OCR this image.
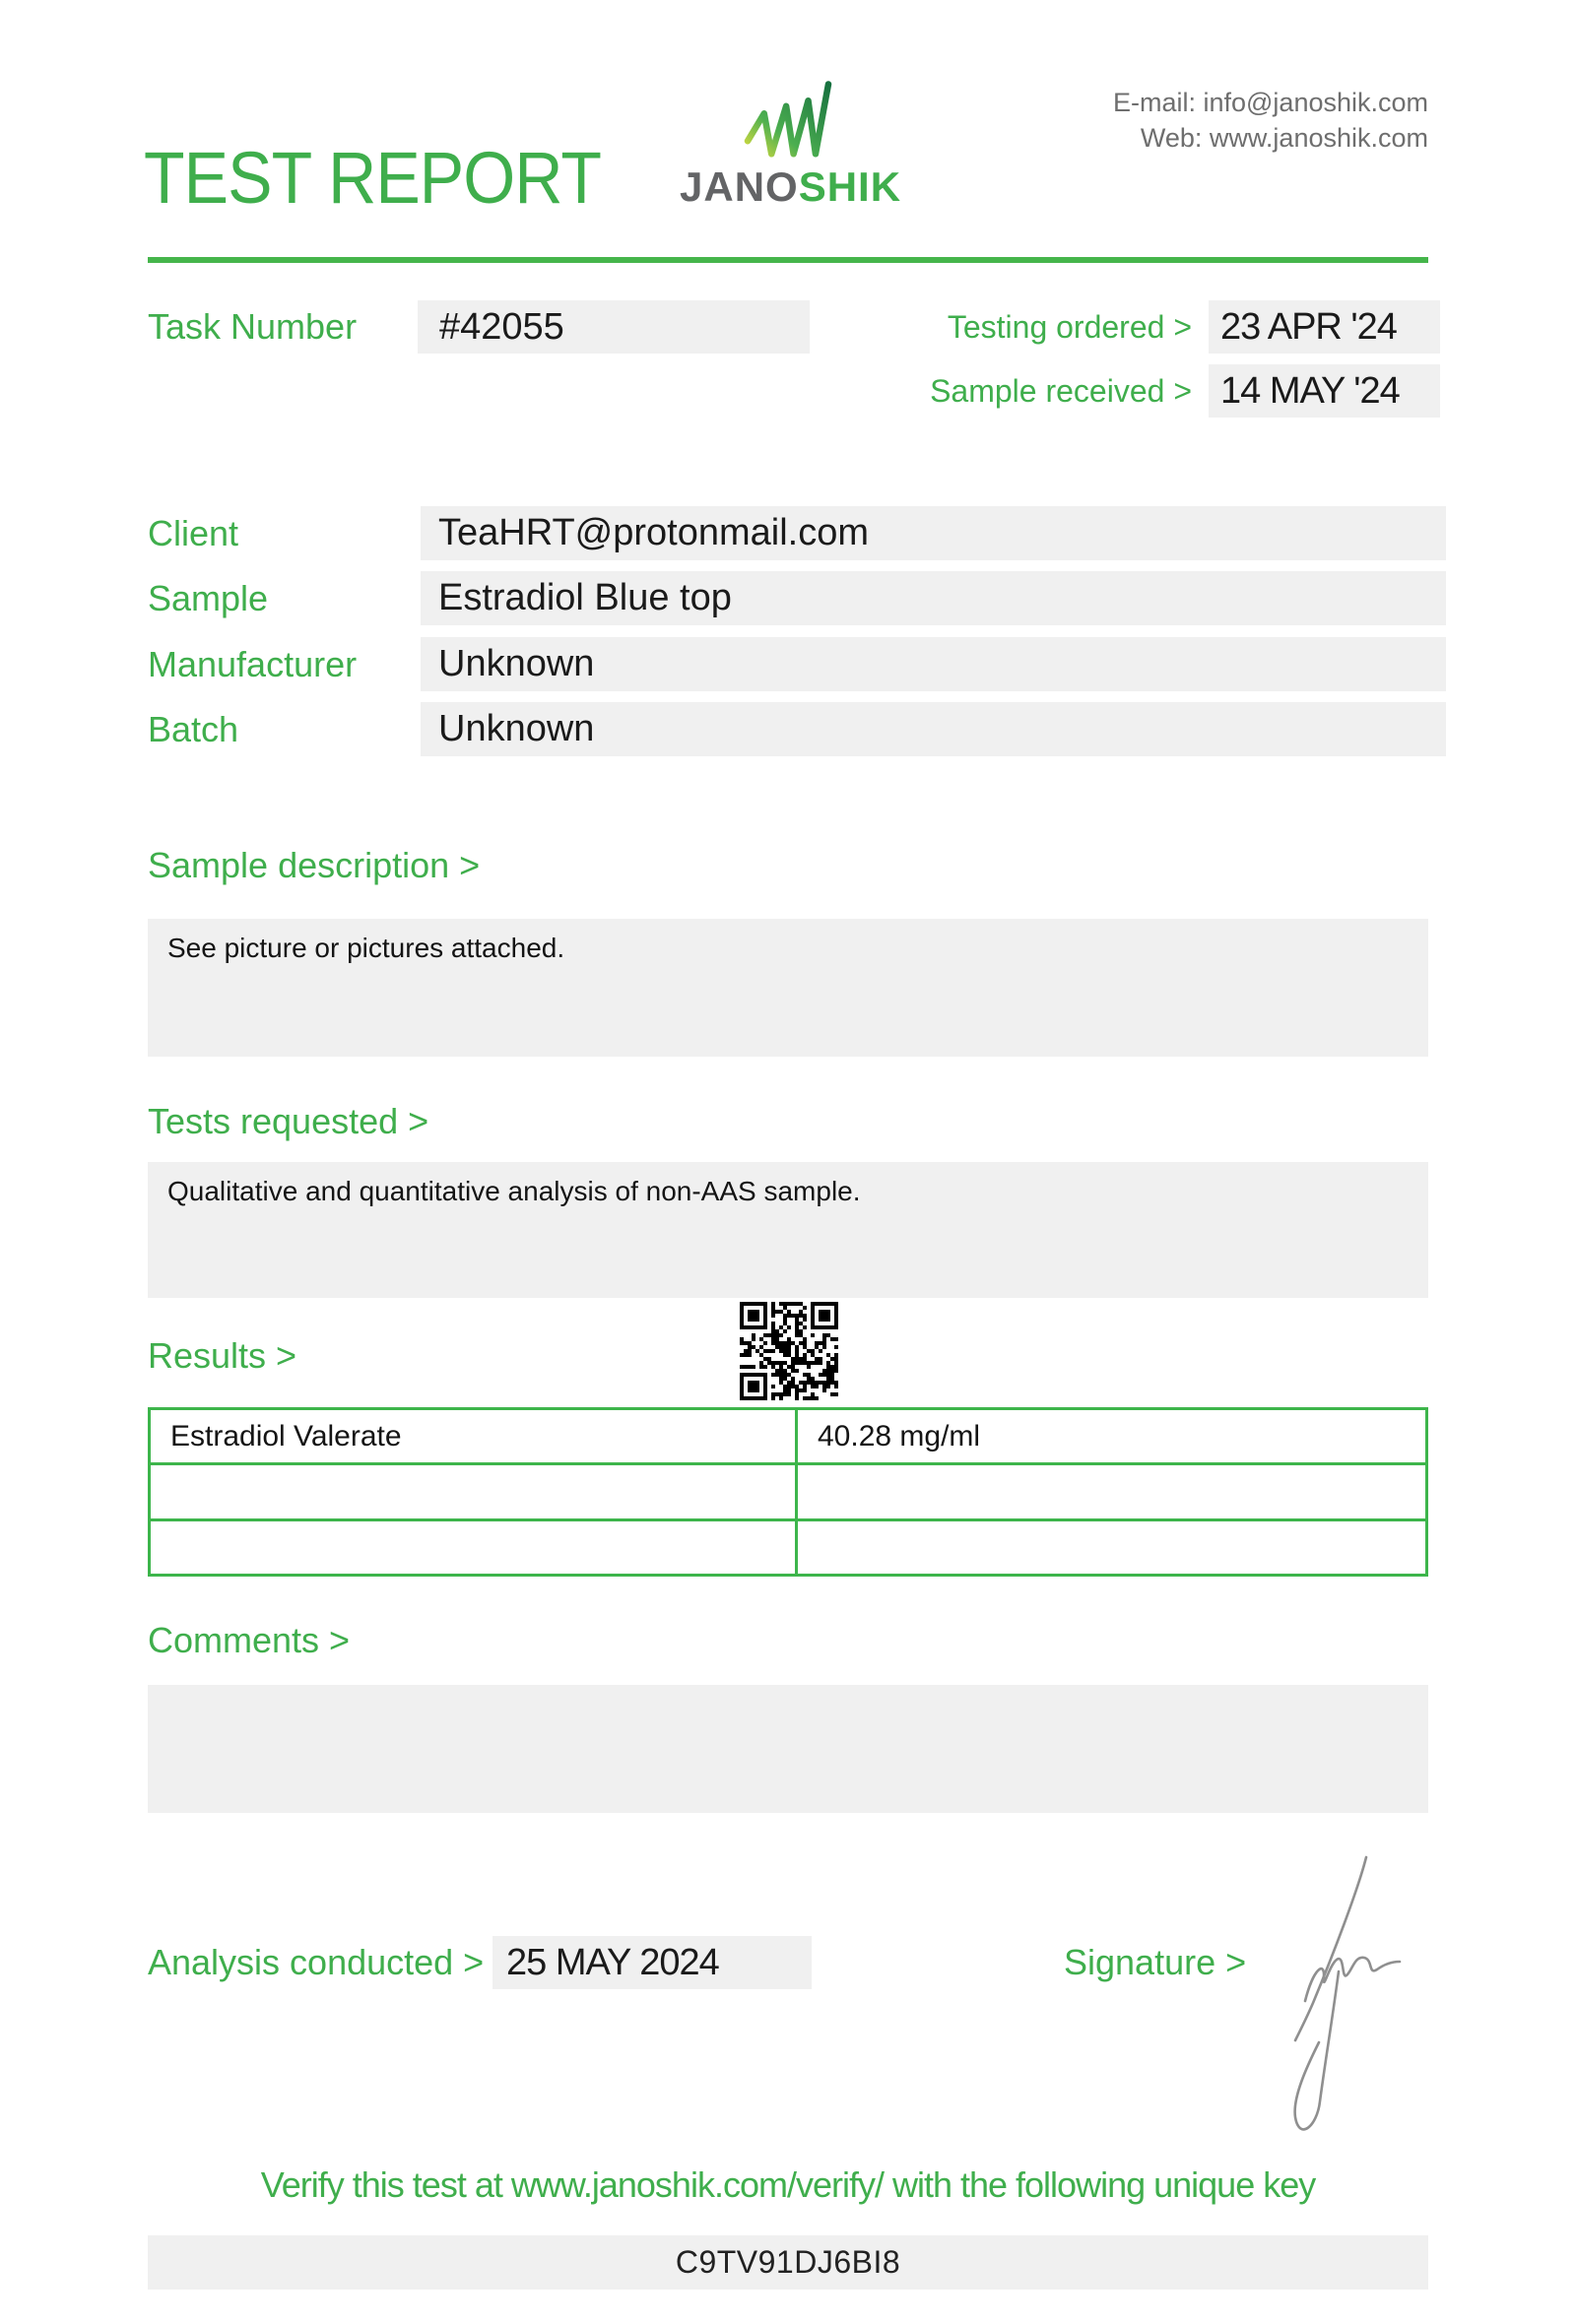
TEST REPORT JANOSHIK
E-mail: info@janoshik.com
Web: www.janoshik.com
Task Number #42055	Testing ordered > 23 APR '24
Sample received > 14 MAY '24
Client	TeaHRT@protonmail.com
Sample	Estradiol Blue top
Manufacturer Unknown
Batch	Unknown
Sample description >
See picture or pictures attached.
Tests requested >
Qualitative and quantitative analysis of non-AAS sample.
Results >
Estradiol Valerate	40.28 mg/ml
Comments >
Analysis conducted > 25 MAY 2024	Signature >
Verify this test at www.janoshik.com/verify/ with the following unique key
C9TV91DJ6BI8
